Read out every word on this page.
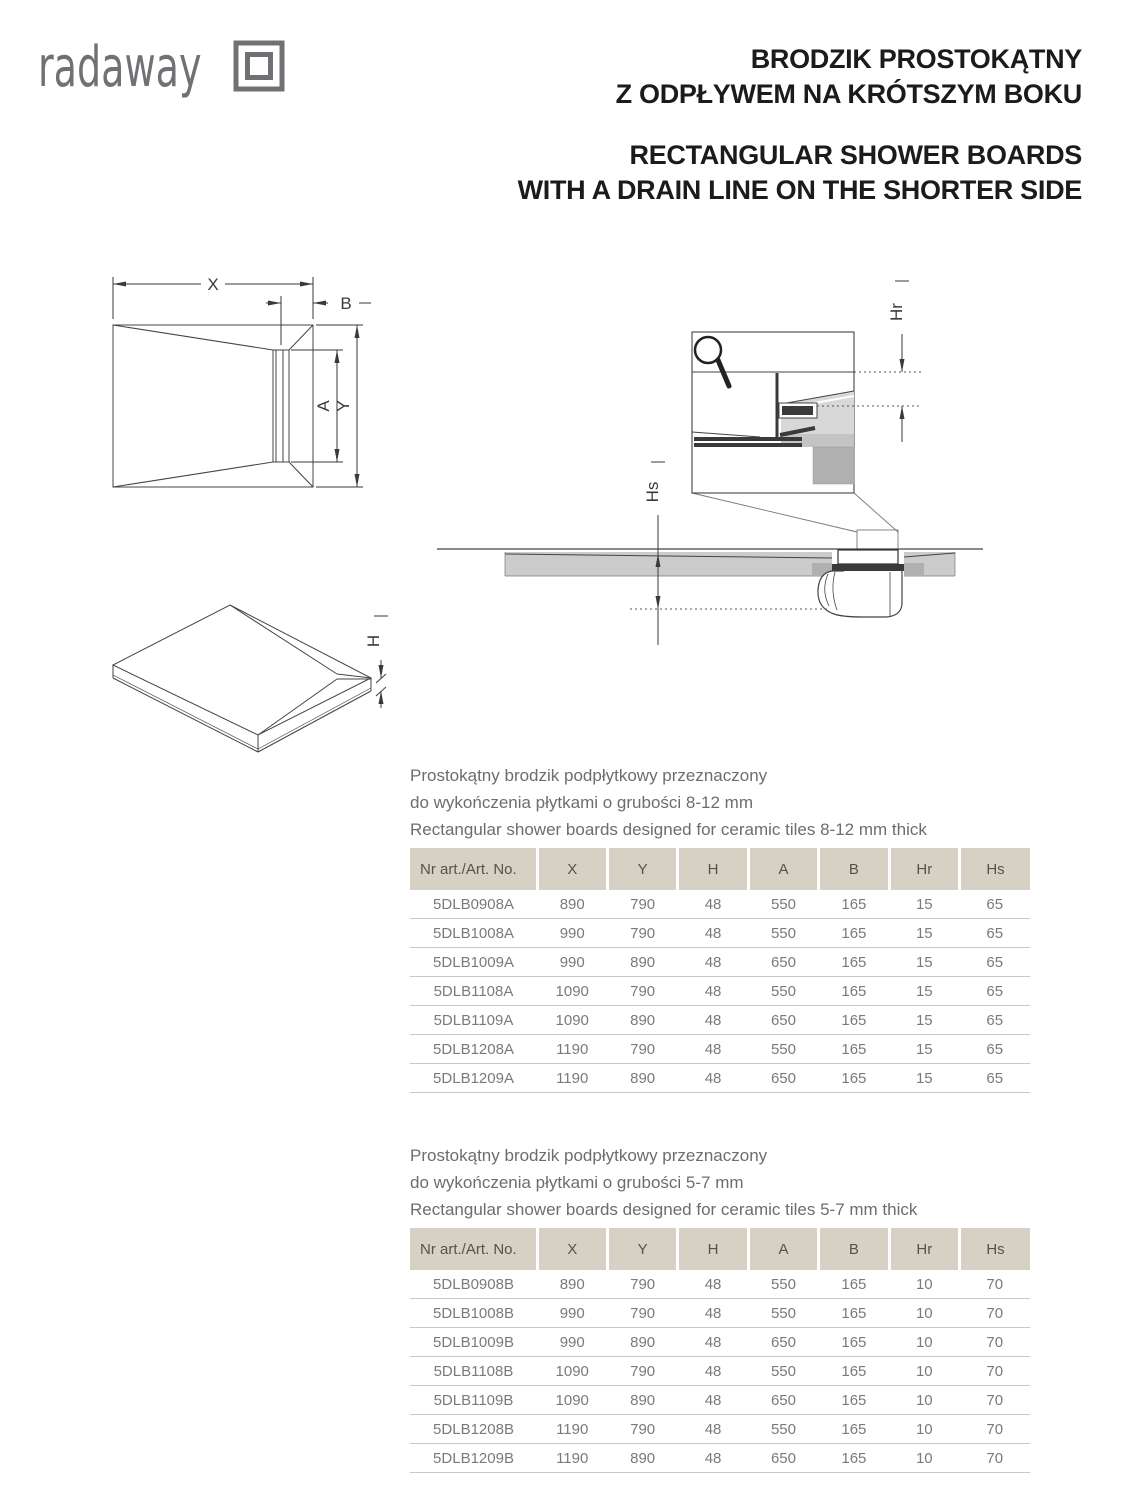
radaway	BRODZIK PROSTOKĄTNY
Z ODPŁYWEM NA KRÓTSZYM BOKU
RECTANGULAR SHOWER BOARDS
WITH A DRAIN LINE ON THE SHORTER SIDE
X
B
A Y
Hr
Hs
H

Prostokątny brodzik podpłytkowy przeznaczony

do wykończenia płytkami o grubości 8-12 mm

Rectangular shower boards designed for ceramic tiles 8-12 mm thick

Nr art./Art. No.	X	Y	H	A	B	Hr	Hs
5DLB0908A	890	790	48	550	165	15	65
5DLB1008A	990	790	48	550	165	15	65
5DLB1009A	990	890	48	650	165	15	65
5DLB1108A	1090	790	48	550	165	15	65
5DLB1109A	1090	890	48	650	165	15	65
5DLB1208A	1190	790	48	550	165	15	65
5DLB1209A	1190	890	48	650	165	15	65

Prostokątny brodzik podpłytkowy przeznaczony

do wykończenia płytkami o grubości 5-7 mm

Rectangular shower boards designed for ceramic tiles 5-7 mm thick

Nr art./Art. No.	X	Y	H	A	B	Hr	Hs
5DLB0908B	890	790	48	550	165	10	70
5DLB1008B	990	790	48	550	165	10	70
5DLB1009B	990	890	48	650	165	10	70
5DLB1108B	1090	790	48	550	165	10	70
5DLB1109B	1090	890	48	650	165	10	70
5DLB1208B	1190	790	48	550	165	10	70
5DLB1209B	1190	890	48	650	165	10	70
